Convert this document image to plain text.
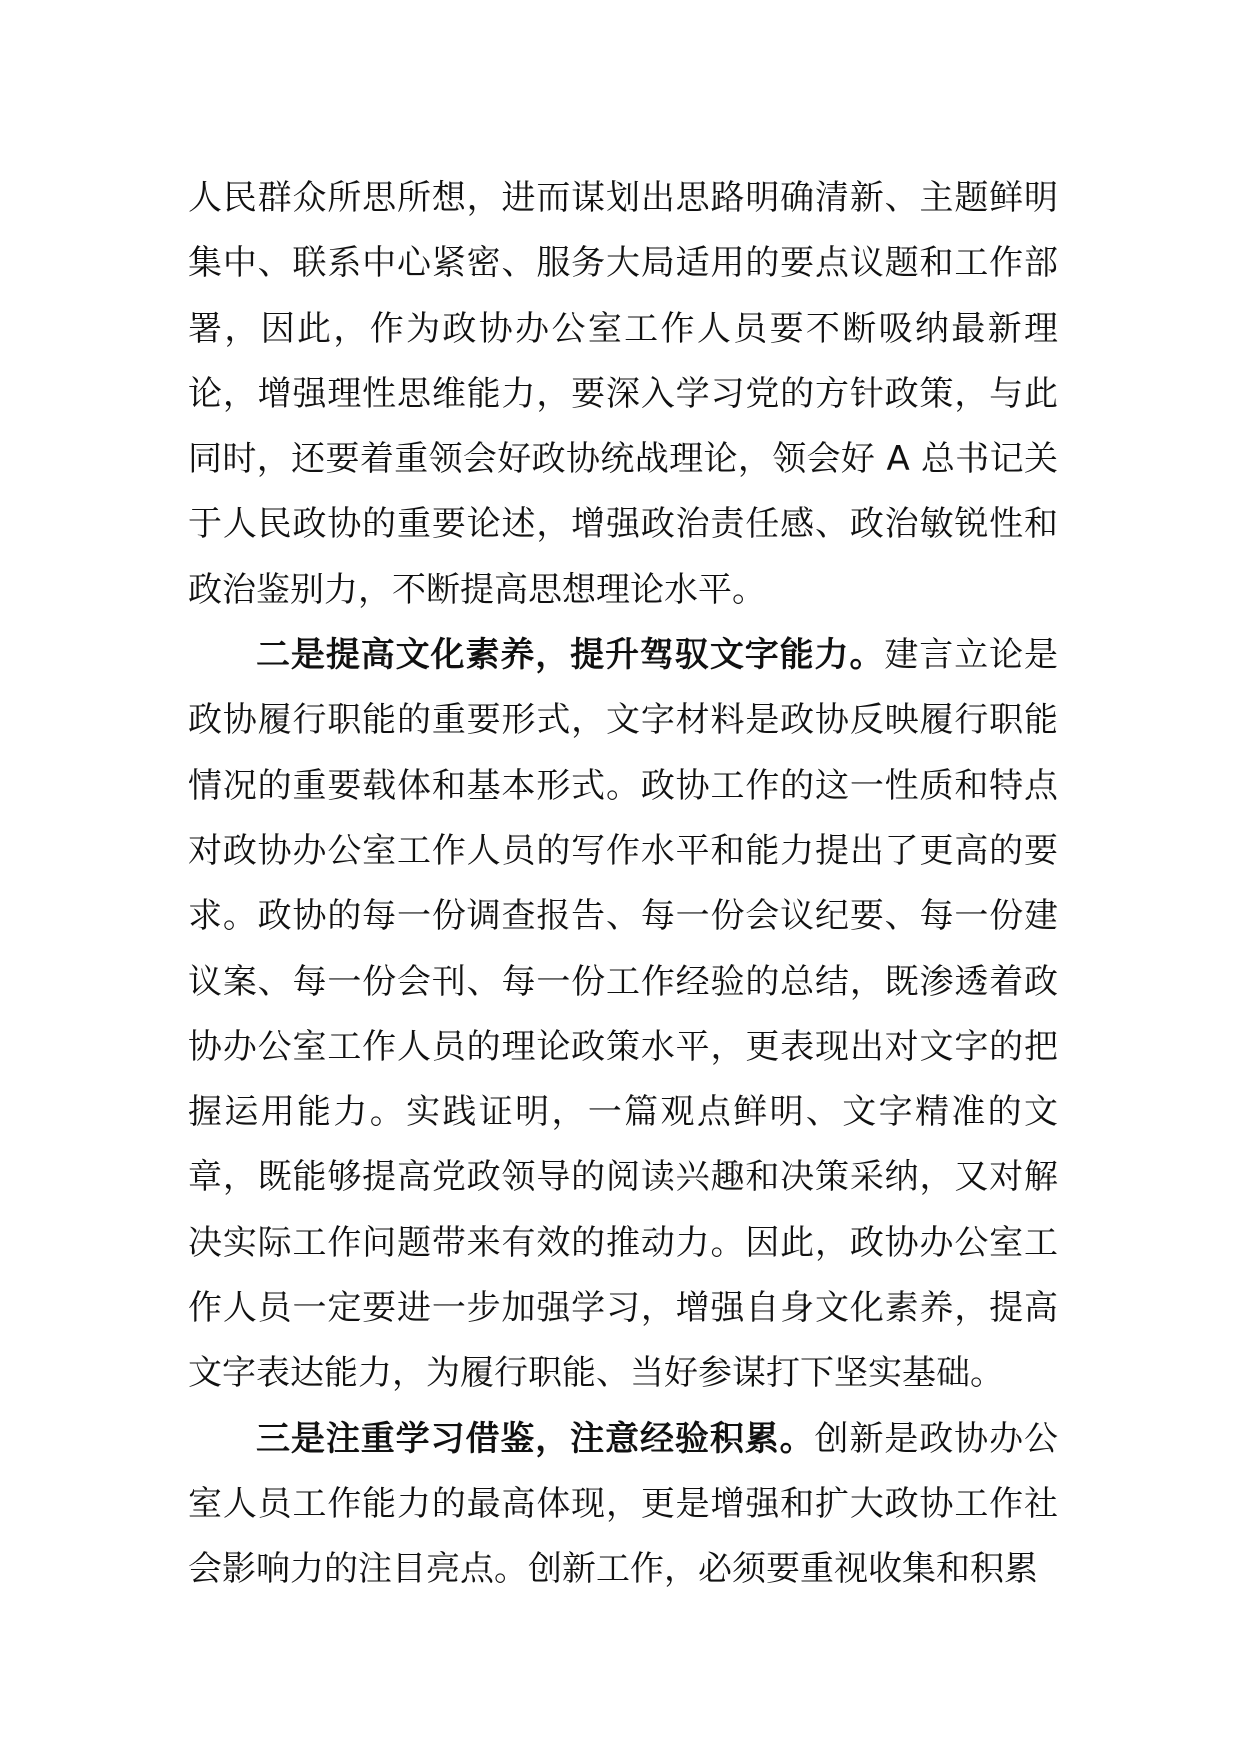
人民群众所思所想，进而谋划出思路明确清新、主题鲜明集中、联系中心紧密、服务大局适用的要点议题和工作部署，因此，作为政协办公室工作人员要不断吸纳最新理论，增强理性思维能力，要深入学习党的方针政策，与此同时，还要着重领会好政协统战理论，领会好 A 总书记关于人民政协的重要论述，增强政治责任感、政治敏锐性和政治鉴别力，不断提高思想理论水平。

二是提高文化素养，提升驾驭文字能力。建言立论是政协履行职能的重要形式，文字材料是政协反映履行职能情况的重要载体和基本形式。政协工作的这一性质和特点对政协办公室工作人员的写作水平和能力提出了更高的要求。政协的每一份调查报告、每一份会议纪要、每一份建议案、每一份会刊、每一份工作经验的总结，既渗透着政协办公室工作人员的理论政策水平，更表现出对文字的把握运用能力。实践证明，一篇观点鲜明、文字精准的文章，既能够提高党政领导的阅读兴趣和决策采纳，又对解决实际工作问题带来有效的推动力。因此，政协办公室工作人员一定要进一步加强学习，增强自身文化素养，提高文字表达能力，为履行职能、当好参谋打下坚实基础。

三是注重学习借鉴，注意经验积累。创新是政协办公室人员工作能力的最高体现，更是增强和扩大政协工作社会影响力的注目亮点。创新工作，必须要重视收集和积累
